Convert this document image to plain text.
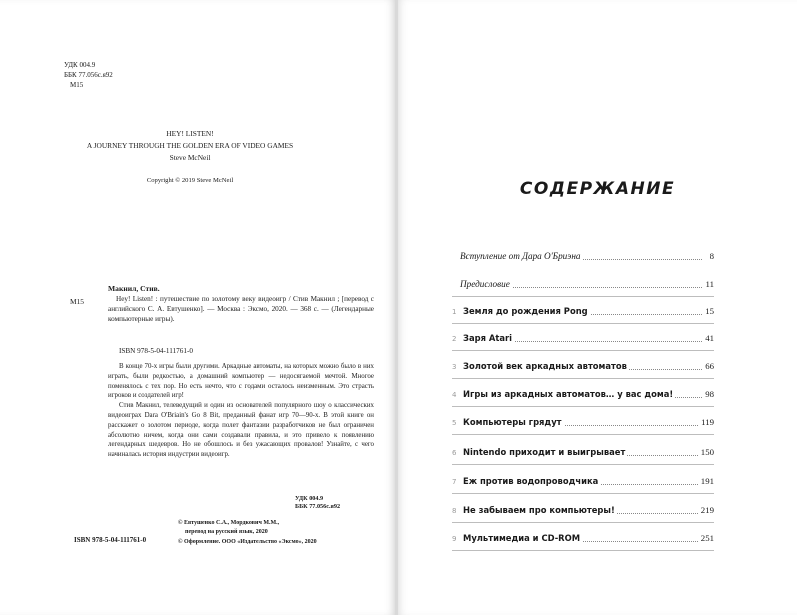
УДК 004.9
ББК 77.056с.я92
М15
HEY! LISTEN!
A JOURNEY THROUGH THE GOLDEN ERA OF VIDEO GAMES
Steve McNeil
Copyright © 2019 Steve McNeil
Макнил, Стив.
М15	Hey! Listen! : путешествие по золотому веку видеоигр / Стив Макнил ; [перевод с английского С. А. Евтушенко]. — Москва : Эксмо, 2020. — 368 с. — (Легендарные компьютерные игры).
ISBN 978-5-04-111761-0

В конце 70-х игры были другими. Аркадные автоматы, на которых можно было в них играть, были редкостью, а домашний компьютер — недосягаемой мечтой. Многое поменялось с тех пор. Но есть нечто, что с годами осталось неизменным. Это страсть игроков и создателей игр!

Стив Макнил, телеведущий и один из основателей популярного шоу о классических видеоиграх Dara O'Briain's Go 8 Bit, преданный фанат игр 70—90-х. В этой книге он расскажет о золотом периоде, когда полет фантазии разработчиков не был ограничен абсолютно ничем, когда они сами создавали правила, и это привело к появлению легендарных шедевров. Но не обошлось и без ужасающих провалов! Узнайте, с чего начиналась история индустрии видеоигр.

УДК 004.9
ББК 77.056с.я92
© Евтушенко С.А., Мордкович М.М.,
перевод на русский язык, 2020
© Оформление. ООО «Издательство «Эксмо», 2020
ISBN 978-5-04-111761-0
СОДЕРЖАНИЕ
Вступление от Дара О'Бриэна	8
Предисловие	11
1 Земля до рождения Pong	15
2 Заря Atari	41
3 Золотой век аркадных автоматов	66
4 Игры из аркадных автоматов… у вас дома!	98
5 Компьютеры грядут	119
6 Nintendo приходит и выигрывает	150
7 Еж против водопроводчика	191
8 Не забываем про компьютеры!	219
9 Мультимедиа и CD-ROM	251
